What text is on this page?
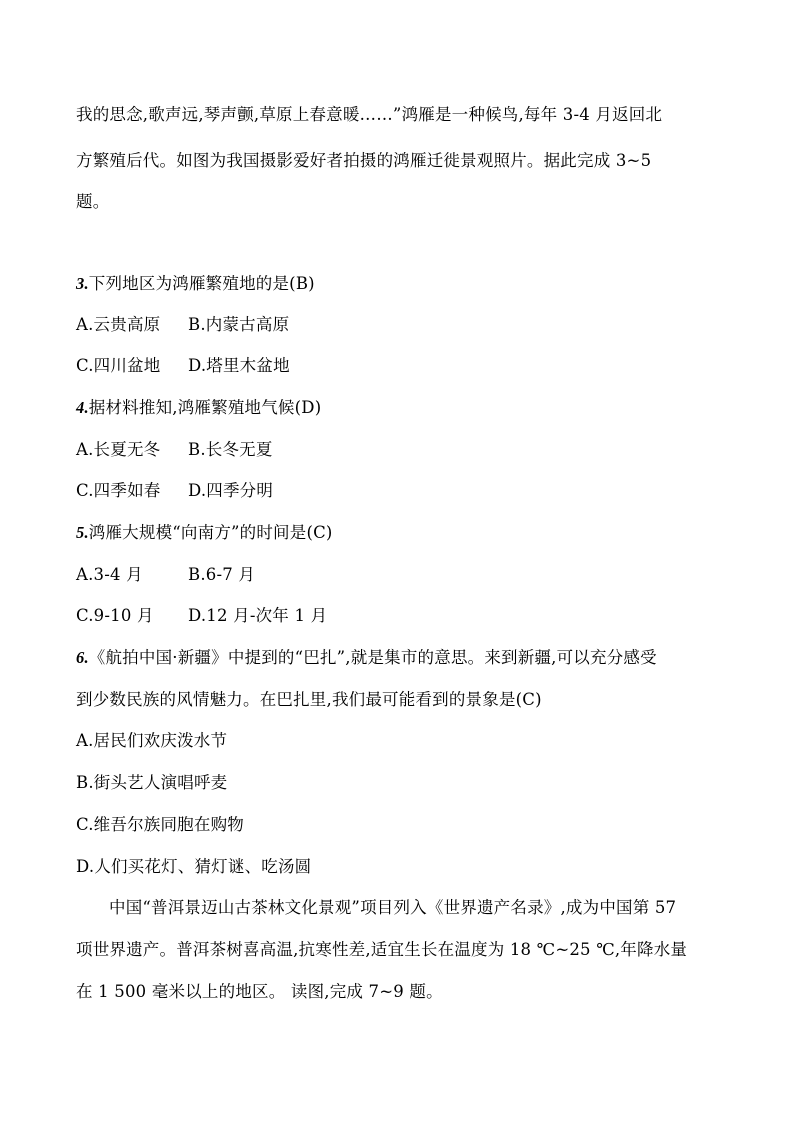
我的思念,歌声远,琴声颤,草原上春意暖……”鸿雁是一种候鸟,每年 3-4 月返回北
方繁殖后代。如图为我国摄影爱好者拍摄的鸿雁迁徙景观照片。据此完成 3~5
题。
3.下列地区为鸿雁繁殖地的是(B)
A.云贵高原 B.内蒙古高原
C.四川盆地 D.塔里木盆地
4.据材料推知,鸿雁繁殖地气候(D)
A.长夏无冬 B.长冬无夏
C.四季如春 D.四季分明
5.鸿雁大规模“向南方”的时间是(C)
A.3-4 月	B.6-7 月
C.9-10 月 D.12 月-次年 1 月
6.《航拍中国·新疆》中提到的“巴扎”,就是集市的意思。来到新疆,可以充分感受
到少数民族的风情魅力。在巴扎里,我们最可能看到的景象是(C)
A.居民们欢庆泼水节
B.街头艺人演唱呼麦
C.维吾尔族同胞在购物
D.人们买花灯、猜灯谜、吃汤圆
中国“普洱景迈山古茶林文化景观”项目列入《世界遗产名录》,成为中国第 57
项世界遗产。普洱茶树喜高温,抗寒性差,适宜生长在温度为 18 ℃~25 ℃,年降水量
在 1 500 毫米以上的地区。 读图,完成 7~9 题。
